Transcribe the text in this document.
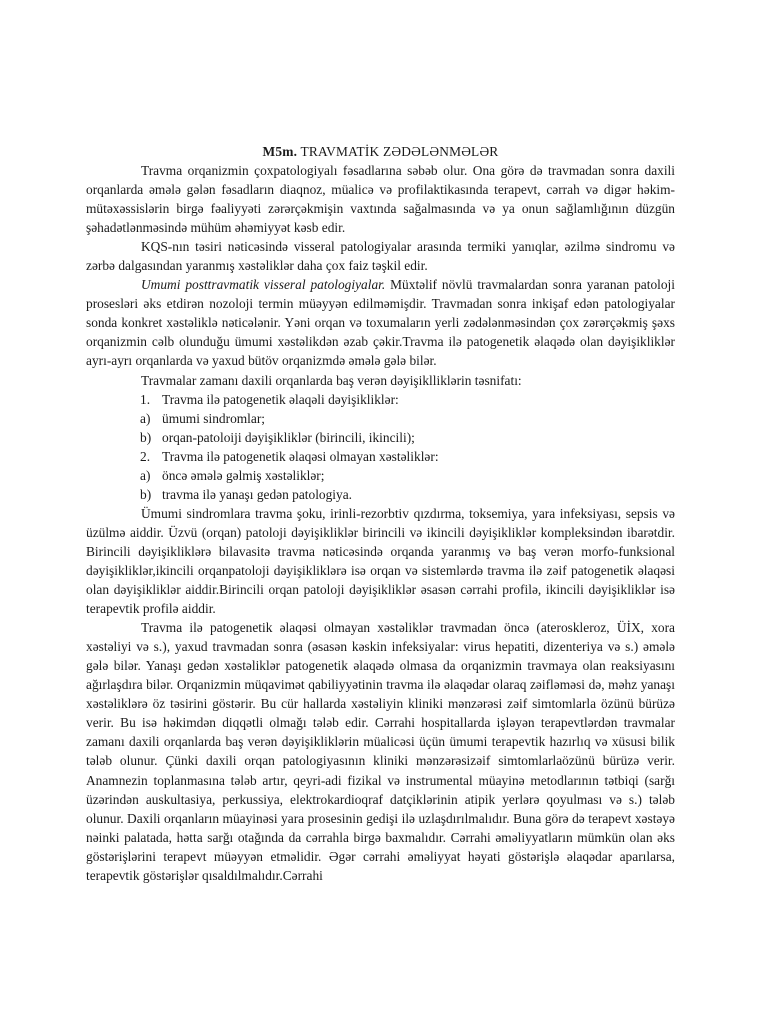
M5m. TRAVMATİK ZƏDƏLƏNMƏLƏR

Travma orqanizmin çoxpatologiyalı fəsadlarına səbəb olur. Ona görə də travmadan sonra daxili orqanlarda əmələ gələn fəsadların diaqnoz, müalicə və profilaktikasında terapevt, cərrah və digər həkim-mütəxəssislərin birgə fəaliyyəti zərərçəkmişin vaxtında sağalmasında və ya onun sağlamlığının düzgün şəhadətlənməsində mühüm əhəmiyyət kəsb edir.

KQS-nın təsiri nəticəsində visseral patologiyalar arasında termiki yanıqlar, əzilmə sindromu və zərbə dalgasından yaranmış xəstəliklər daha çox faiz təşkil edir.

Umumi posttravmatik visseral patologiyalar. Müxtəlif növlü travmalardan sonra yaranan patoloji prosesləri əks etdirən nozoloji termin müəyyən edilməmişdir. Travmadan sonra inkişaf edən patologiyalar sonda konkret xəstəliklə nəticələnir. Yəni orqan və toxumaların yerli zədələnməsindən çox zərərçəkmiş şəxs orqanizmin cəlb olunduğu ümumi xəstəlikdən əzab çəkir.Travma ilə patogenetik əlaqədə olan dəyişikliklər ayrı-ayrı orqanlarda və yaxud bütöv orqanizmdə əmələ gələ bilər.

Travmalar zamanı daxili orqanlarda baş verən dəyişiklliklərin təsnifatı:

1. Travma ilə patogenetik əlaqəli dəyişikliklər:

a) ümumi sindromlar;

b) orqan-patoloiji dəyişikliklər (birincili, ikincili);

2. Travma ilə patogenetik əlaqəsi olmayan xəstəliklər:

a) öncə əmələ gəlmiş xəstəliklər;

b) travma ilə yanaşı gedən patologiya.

Ümumi sindromlara travma şoku, irinli-rezorbtiv qızdırma, toksemiya, yara infeksiyası, sepsis və üzülmə aiddir. Üzvü (orqan) patoloji dəyişikliklər birincili və ikincili dəyişikliklər kompleksindən ibarətdir. Birincili dəyişikliklərə bilavasitə travma nəticəsində orqanda yaranmış və baş verən morfo-funksional dəyişikliklər,ikincili orqanpatoloji dəyişikliklərə isə orqan və sistemlərdə travma ilə zəif patogenetik əlaqəsi olan dəyişikliklər aiddir.Birincili orqan patoloji dəyişikliklər əsasən cərrahi profilə, ikincili dəyişikliklər isə terapevtik profilə aiddir.

Travma ilə patogenetik əlaqəsi olmayan xəstəliklər travmadan öncə (ateroskleroz, ÜİX, xora xəstəliyi və s.), yaxud travmadan sonra (əsasən kəskin infeksiyalar: virus hepatiti, dizenteriya və s.) əmələ gələ bilər. Yanaşı gedən xəstəliklər patogenetik əlaqədə olmasa da orqanizmin travmaya olan reaksiyasını ağırlaşdıra bilər. Orqanizmin müqavimət qabiliyyətinin travma ilə əlaqədar olaraq zəifləməsi də, məhz yanaşı xəstəliklərə öz təsirini göstərir. Bu cür hallarda xəstəliyin kliniki mənzərəsi zəif simtomlarla özünü bürüzə verir. Bu isə həkimdən diqqətli olmağı tələb edir. Cərrahi hospitallarda işləyən terapevtlərdən travmalar zamanı daxili orqanlarda baş verən dəyişikliklərin müalicəsi üçün ümumi terapevtik hazırlıq və xüsusi bilik tələb olunur. Çünki daxili orqan patologiyasının kliniki mənzərəsizəif simtomlarlaözünü bürüzə verir. Anamnezin toplanmasına tələb artır, qeyri-adi fizikal və instrumental müayinə metodlarının tətbiqi (sarğı üzərindən auskultasiya, perkussiya, elektrokardioqraf datçiklərinin atipik yerlərə qoyulması və s.) tələb olunur. Daxili orqanların müayinəsi yara prosesinin gedişi ilə uzlaşdırılmalıdır. Buna görə də terapevt xəstəyə nəinki palatada, hətta sarğı otağında da cərrahla birgə baxmalıdır. Cərrahi əməliyyatların mümkün olan əks göstərişlərini terapevt müəyyən etməlidir. Əgər cərrahi əməliyyat həyati göstərişlə əlaqədar aparılarsa, terapevtik göstərişlər qısaldılmalıdır.Cərrahi
